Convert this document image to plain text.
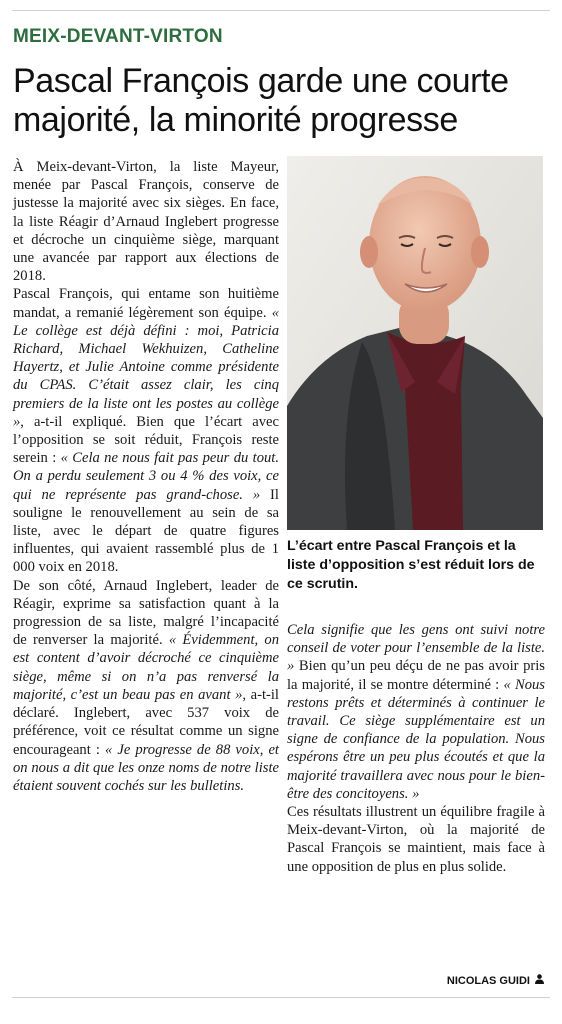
MEIX-DEVANT-VIRTON
Pascal François garde une courte majorité, la minorité progresse

À Meix-devant-Virton, la liste Mayeur, menée par Pascal François, conserve de justesse la majorité avec six sièges. En face, la liste Réagir d’Arnaud Inglebert progresse et décroche un cinquième siège, marquant une avancée par rapport aux élections de 2018.

Pascal François, qui entame son huitième mandat, a remanié légèrement son équipe. « Le collège est déjà défini : moi, Patricia Richard, Michael Wekhuizen, Catheline Hayertz, et Julie Antoine comme présidente du CPAS. C’était assez clair, les cinq premiers de la liste ont les postes au collège », a-t-il expliqué. Bien que l’écart avec l’opposition se soit réduit, François reste serein : « Cela ne nous fait pas peur du tout. On a perdu seulement 3 ou 4 % des voix, ce qui ne représente pas grand-chose. » Il souligne le renouvellement au sein de sa liste, avec le départ de quatre figures influentes, qui avaient rassemblé plus de 1 000 voix en 2018.

De son côté, Arnaud Inglebert, leader de Réagir, exprime sa satisfaction quant à la progression de sa liste, malgré l’incapacité de renverser la majorité. « Évidemment, on est content d’avoir décroché ce cinquième siège, même si on n’a pas renversé la majorité, c’est un beau pas en avant », a-t-il déclaré. Inglebert, avec 537 voix de préférence, voit ce résultat comme un signe encourageant : « Je progresse de 88 voix, et on nous a dit que les onze noms de notre liste étaient souvent cochés sur les bulletins.

L’écart entre Pascal François et la liste d’opposition s’est réduit lors de ce scrutin.

Cela signifie que les gens ont suivi notre conseil de voter pour l’ensemble de la liste. » Bien qu’un peu déçu de ne pas avoir pris la majorité, il se montre déterminé : « Nous restons prêts et déterminés à continuer le travail. Ce siège supplémentaire est un signe de confiance de la population. Nous espérons être un peu plus écoutés et que la majorité travaillera avec nous pour le bien-être des concitoyens. »

Ces résultats illustrent un équilibre fragile à Meix-devant-Virton, où la majorité de Pascal François se maintient, mais face à une opposition de plus en plus solide.

NICOLAS GUIDI
